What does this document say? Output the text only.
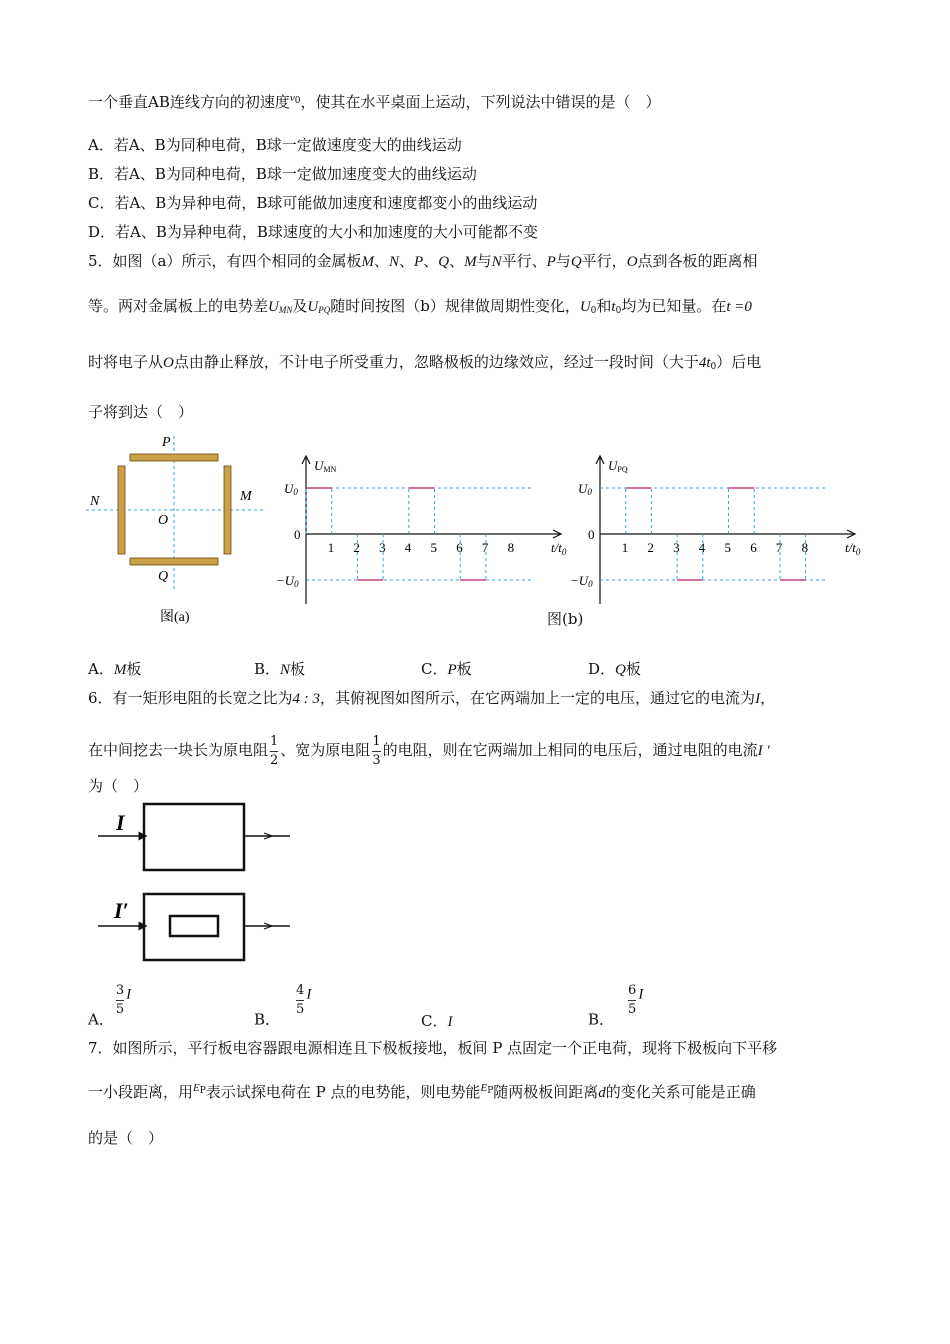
一个垂直AB连线方向的初速度$^{v0}$，使其在水平桌面上运动，下列说法中错误的是（　）
A．若A、B为同种电荷，B球一定做速度变大的曲线运动
B．若A、B为同种电荷，B球一定做加速度变大的曲线运动
C．若A、B为异种电荷，B球可能做加速度和速度都变小的曲线运动
D．若A、B为异种电荷，B球速度的大小和加速度的大小可能都不变
5．如图（a）所示，有四个相同的金属板M、N、P、Q、M与N平行、P与Q平行，O点到各板的距离相
等。两对金属板上的电势差$U_{MN}$及$U_{PQ}$随时间按图（b）规律做周期性变化，$U_0$和$t_0$均为已知量。在t =0
时将电子从O点由静止释放，不计电子所受重力，忽略极板的边缘效应，经过一段时间（大于$4t_0$）后电
子将到达（　）
P
Q
N	M
O
图(a)
UMN
U0
−U0
0
1 2 3 4 5 6 7 8	$t/t_0$
UPQ
U0
−U0
0
1 2 3 4 5 6 7 8	$t/t_0$
图(b)
A．M板	B．N板	C．P板	D．Q板
6．有一矩形电阻的长宽之比为4 : 3，其俯视图如图所示，在它两端加上一定的电压，通过它的电流为I，
在中间挖去一块长为原电阻 $\frac{1}{2}$ 、宽为原电阻 $\frac{1}{3}$ 的电阻，则在它两端加上相同的电压后，通过电阻的电流I ′
为（　）
I
I′
A．$\frac{3}{5}$ I
B．$\frac{4}{5}$ I
C．I	B．$\frac{6}{5}$ I
7．如图所示，平行板电容器跟电源相连且下极板接地，板间 P 点固定一个正电荷，现将下极板向下平移
一小段距离，用$^{EP}$表示试探电荷在 P 点的电势能，则电势能$^{EP}$随两极板间距离d的变化关系可能是正确
的是（　）
